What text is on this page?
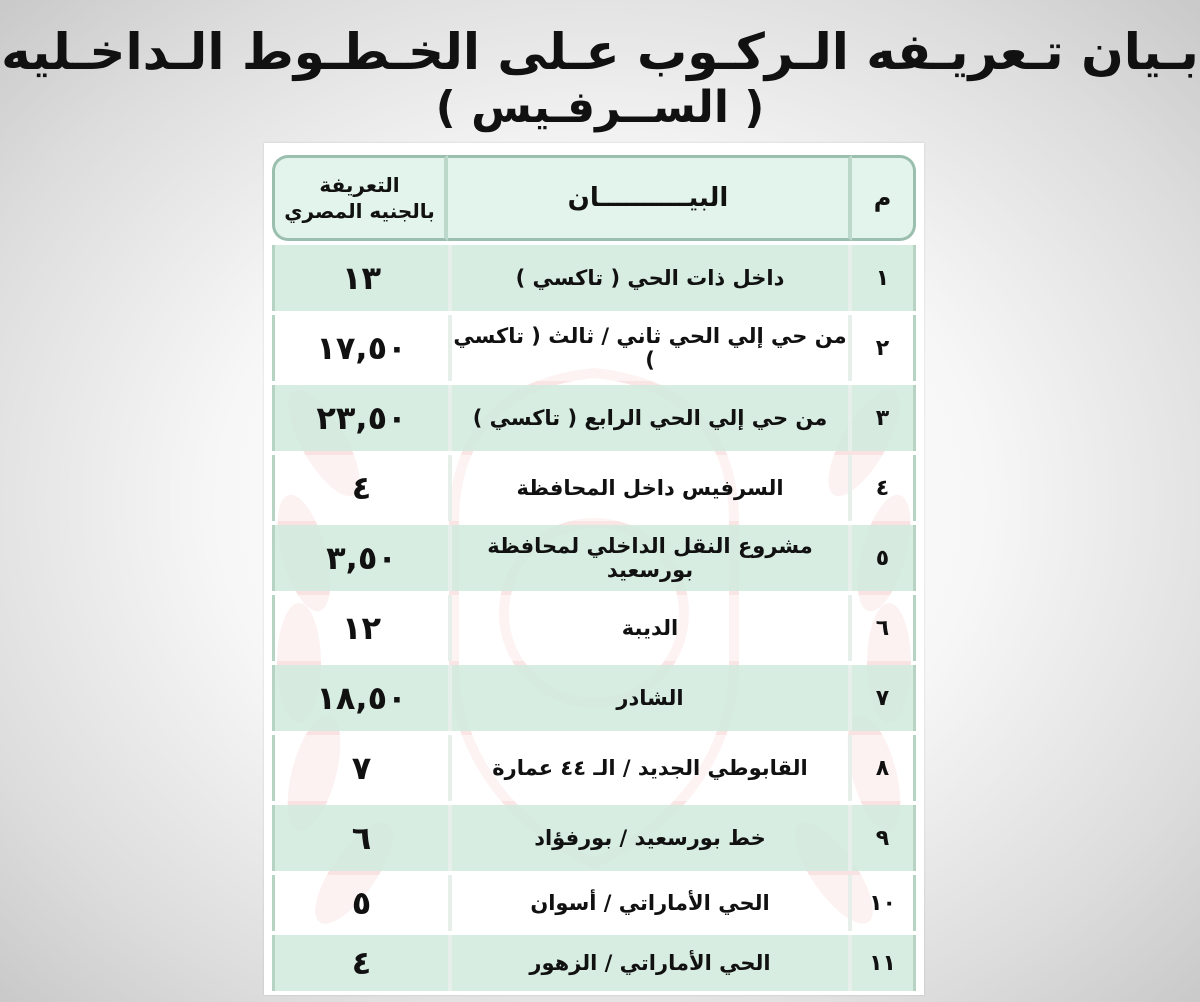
بـيان تـعريـفه الـركـوب عـلى الخـطـوط الـداخـليه
( الســرفـيس )
م	البيــــــــــان	التعريفة
بالجنيه المصري

١	داخل ذات الحي ( تاكسي )	١٣
٢	من حي إلي الحي ثاني / ثالث ( تاكسي )	١٧,٥٠
٣	من حي إلي الحي الرابع ( تاكسي )	٢٣,٥٠
٤	السرفيس داخل المحافظة	٤
٥	مشروع النقل الداخلي لمحافظة بورسعيد	٣,٥٠
٦	الديبة	١٢
٧	الشادر	١٨,٥٠
٨	القابوطي الجديد / الـ ٤٤ عمارة	٧
٩	خط بورسعيد / بورفؤاد	٦
١٠	الحي الأماراتي / أسوان	٥
١١	الحي الأماراتي / الزهور	٤
